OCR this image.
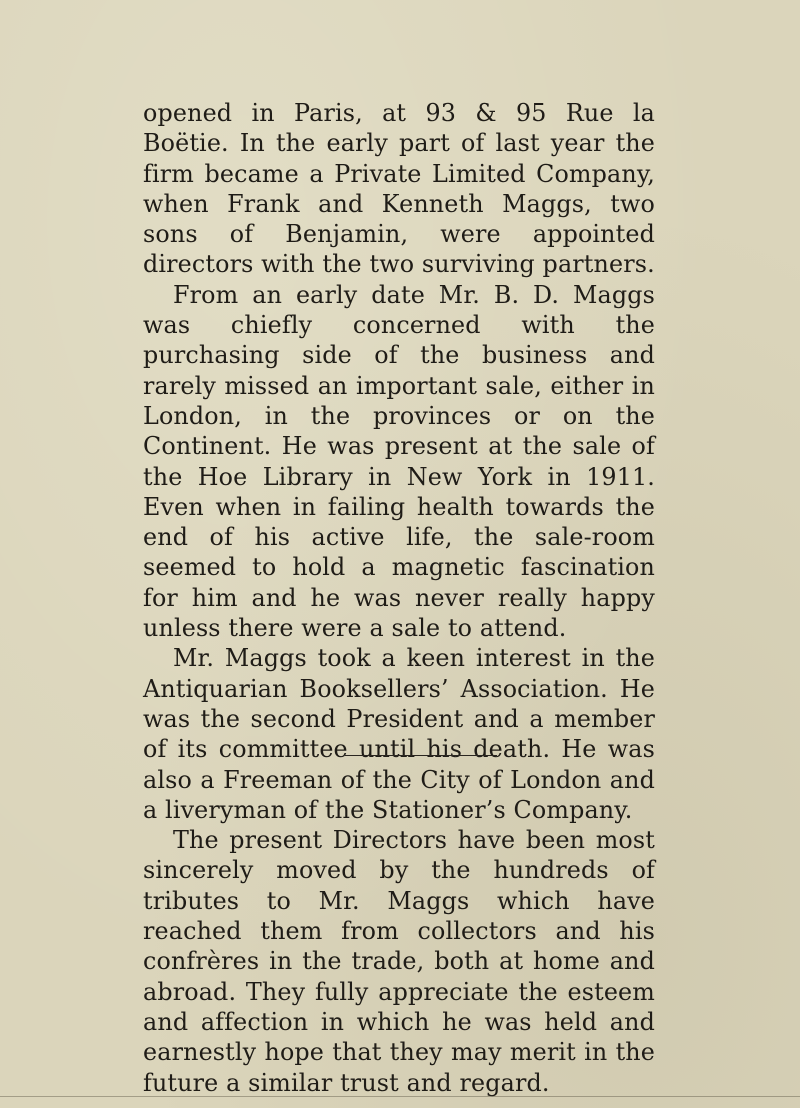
opened in Paris, at 93 & 95 Rue la Boëtie. In the early part of last year the firm became a Private Limited Company, when Frank and Kenneth Maggs, two sons of Benjamin, were appointed directors with the two surviving partners.

From an early date Mr. B. D. Maggs was chiefly concerned with the purchasing side of the business and rarely missed an important sale, either in London, in the provinces or on the Continent. He was present at the sale of the Hoe Library in New York in 1911. Even when in failing health towards the end of his active life, the sale-room seemed to hold a magnetic fascination for him and he was never really happy unless there were a sale to attend.

Mr. Maggs took a keen interest in the Antiquarian Booksellers’ Association. He was the second President and a member of its committee until his death. He was also a Freeman of the City of London and a liveryman of the Stationer’s Company.

The present Directors have been most sincerely moved by the hundreds of tributes to Mr. Maggs which have reached them from collectors and his confrères in the trade, both at home and abroad. They fully appreciate the esteem and affection in which he was held and earnestly hope that they may merit in the future a similar trust and regard.
